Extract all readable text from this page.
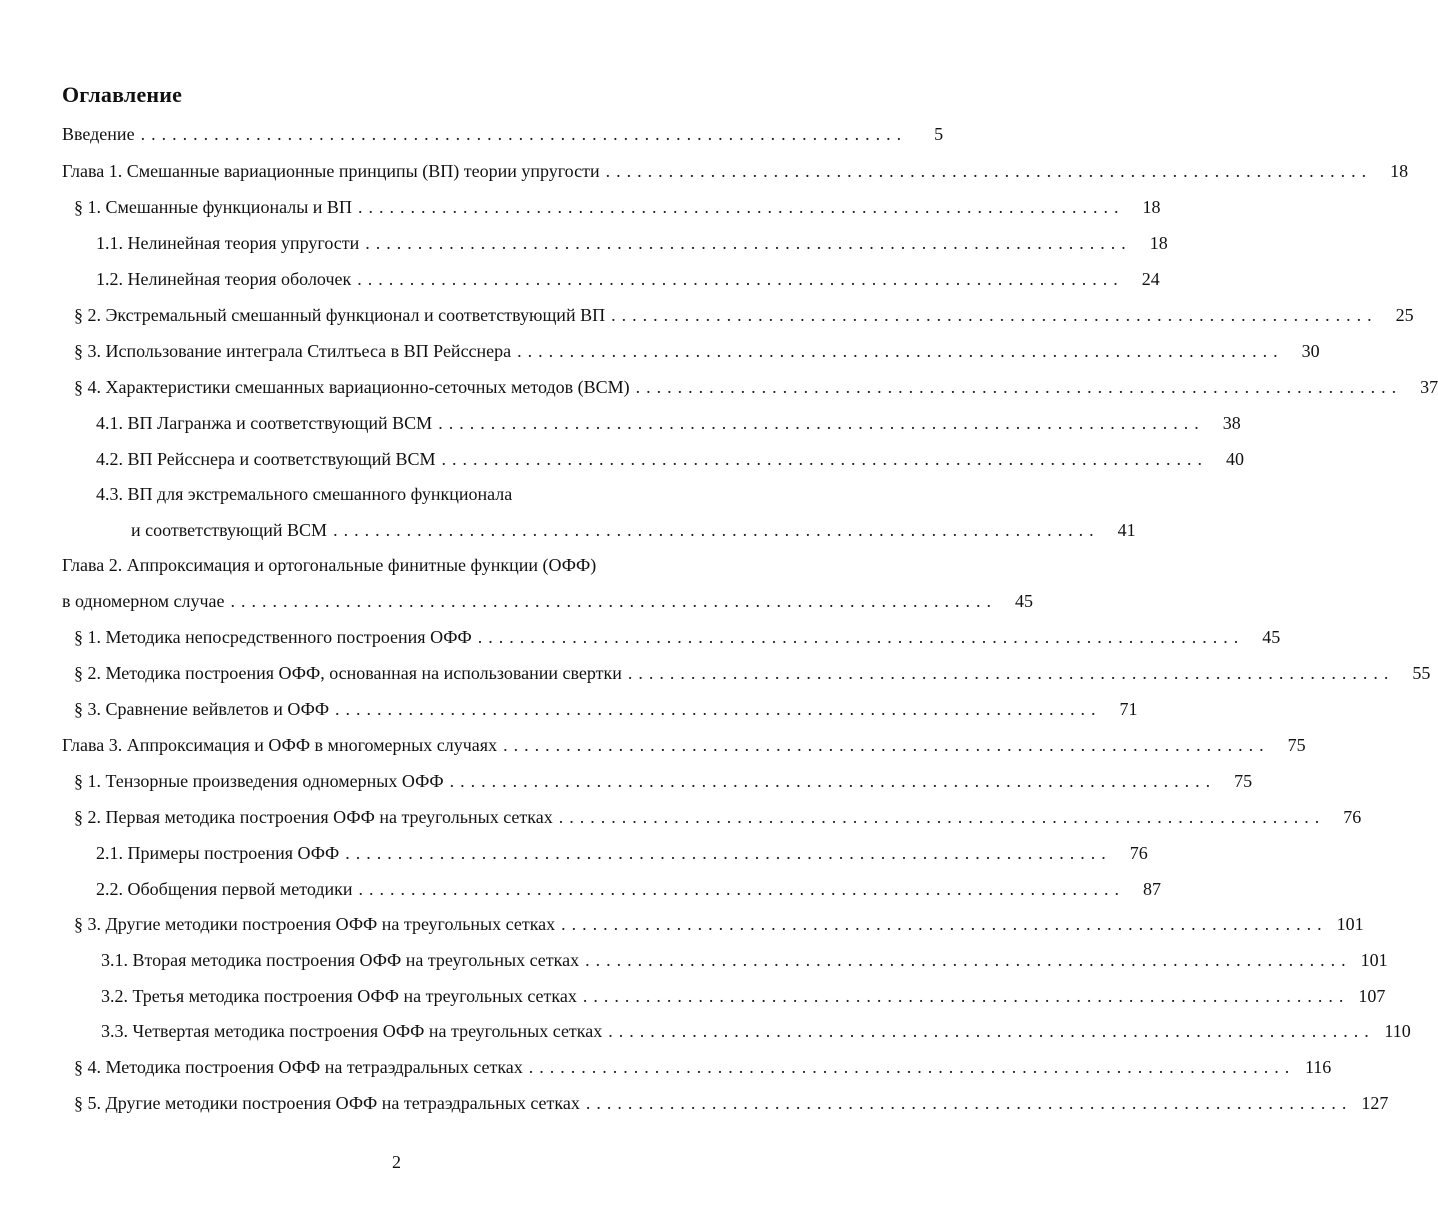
Оглавление
Введение .........................................................................	5
Глава 1. Смешанные вариационные принципы (ВП) теории упругости .........................................................................	18
§ 1. Смешанные функционалы и ВП .........................................................................	18
1.1. Нелинейная теория упругости .........................................................................	18
1.2. Нелинейная теория оболочек .........................................................................	24
§ 2. Экстремальный смешанный функционал и соответствующий ВП .........................................................................	25
§ 3. Использование интеграла Стилтьеса в ВП Рейсснера .........................................................................	30
§ 4. Характеристики смешанных вариационно-сеточных методов (ВСМ) .........................................................................	37
4.1. ВП Лагранжа и соответствующий ВСМ .........................................................................	38
4.2. ВП Рейсснера и соответствующий ВСМ .........................................................................	40
4.3. ВП для экстремального смешанного функционала
и соответствующий ВСМ .........................................................................	41
Глава 2. Аппроксимация и ортогональные финитные функции (ОФФ)
в одномерном случае .........................................................................	45
§ 1. Методика непосредственного построения ОФФ .........................................................................	45
§ 2. Методика построения ОФФ, основанная на использовании свертки .........................................................................	55
§ 3. Сравнение вейвлетов и ОФФ .........................................................................	71
Глава 3. Аппроксимация и ОФФ в многомерных случаях .........................................................................	75
§ 1. Тензорные произведения одномерных ОФФ .........................................................................	75
§ 2. Первая методика построения ОФФ на треугольных сетках .........................................................................	76
2.1. Примеры построения ОФФ .........................................................................	76
2.2. Обобщения первой методики .........................................................................	87
§ 3. Другие методики построения ОФФ на треугольных сетках ......................................................................... 101
3.1. Вторая методика построения ОФФ на треугольных сетках ......................................................................... 101
3.2. Третья методика построения ОФФ на треугольных сетках ......................................................................... 107
3.3. Четвертая методика построения ОФФ на треугольных сетках ......................................................................... 110
§ 4. Методика построения ОФФ на тетраэдральных сетках ......................................................................... 116
§ 5. Другие методики построения ОФФ на тетраэдральных сетках ......................................................................... 127
2
